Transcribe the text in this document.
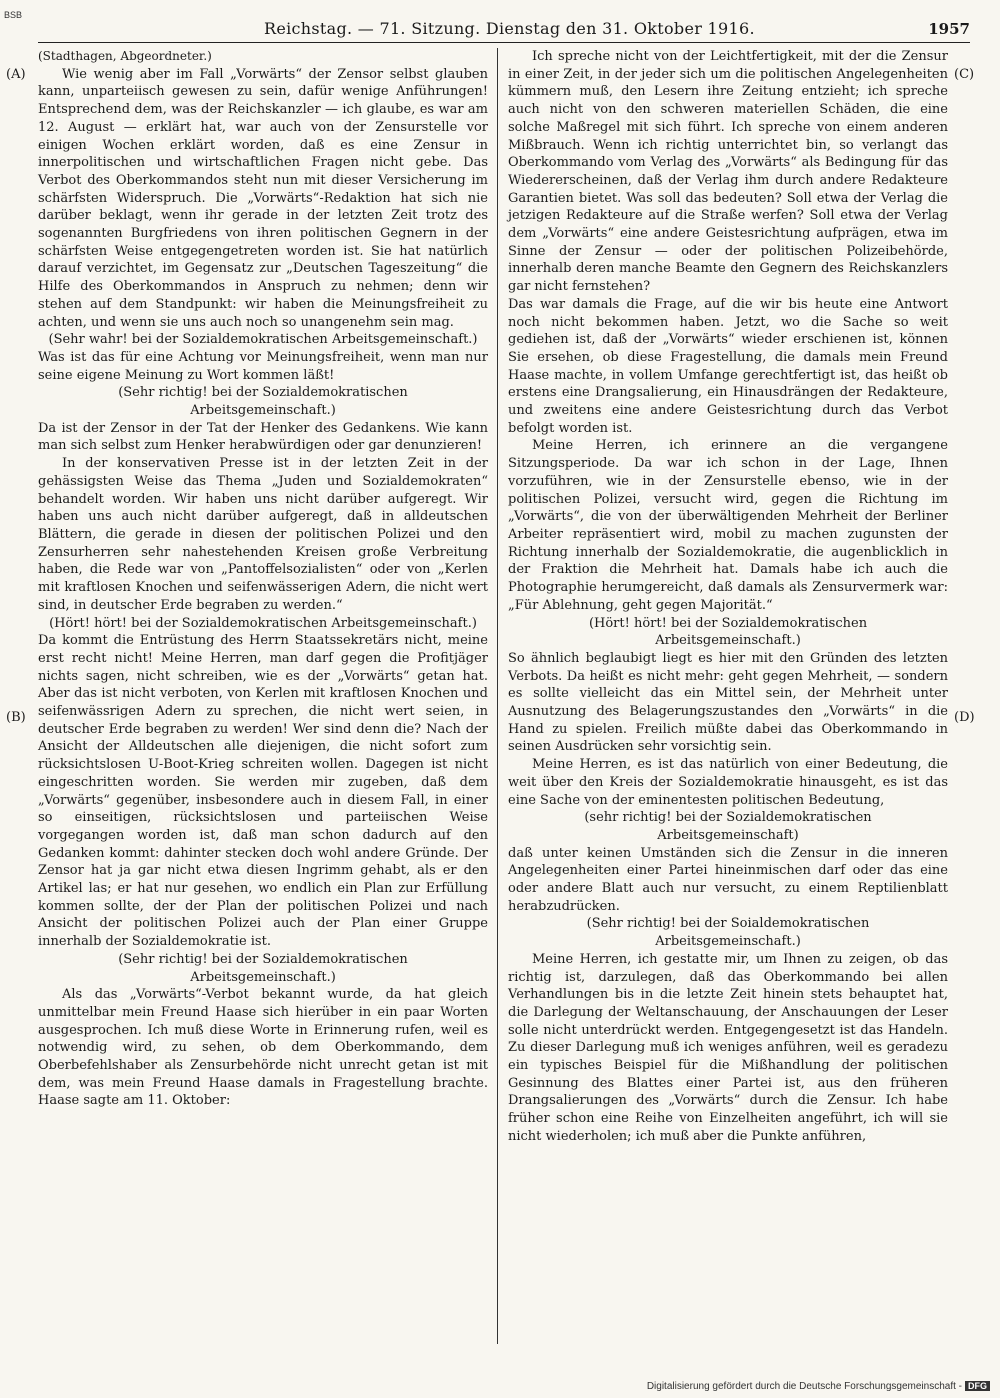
BSB
Reichstag. — 71. Sitzung. Dienstag den 31. Oktober 1916.	1957
(A)
(B)
(C)
(D)

(Stadthagen, Abgeordneter.)

Wie wenig aber im Fall „Vorwärts“ der Zensor selbst glauben kann, unparteiisch gewesen zu sein, dafür wenige Anführungen! Entsprechend dem, was der Reichskanzler — ich glaube, es war am 12. August — erklärt hat, war auch von der Zensurstelle vor einigen Wochen erklärt worden, daß es eine Zensur in innerpolitischen und wirtschaftlichen Fragen nicht gebe. Das Verbot des Oberkommandos steht nun mit dieser Versicherung im schärfsten Widerspruch. Die „Vorwärts“-Redaktion hat sich nie darüber beklagt, wenn ihr gerade in der letzten Zeit trotz des sogenannten Burgfriedens von ihren politischen Gegnern in der schärfsten Weise entgegengetreten worden ist. Sie hat natürlich darauf verzichtet, im Gegensatz zur „Deutschen Tageszeitung“ die Hilfe des Oberkommandos in Anspruch zu nehmen; denn wir stehen auf dem Standpunkt: wir haben die Meinungsfreiheit zu achten, und wenn sie uns auch noch so unangenehm sein mag.

(Sehr wahr! bei der Sozialdemokratischen Arbeitsgemeinschaft.)

Was ist das für eine Achtung vor Meinungsfreiheit, wenn man nur seine eigene Meinung zu Wort kommen läßt!

(Sehr richtig! bei der Sozialdemokratischen Arbeitsgemeinschaft.)

Da ist der Zensor in der Tat der Henker des Gedankens. Wie kann man sich selbst zum Henker herabwürdigen oder gar denunzieren!

In der konservativen Presse ist in der letzten Zeit in der gehässigsten Weise das Thema „Juden und Sozialdemokraten“ behandelt worden. Wir haben uns nicht darüber aufgeregt. Wir haben uns auch nicht darüber aufgeregt, daß in alldeutschen Blättern, die gerade in diesen der politischen Polizei und den Zensurherren sehr nahestehenden Kreisen große Verbreitung haben, die Rede war von „Pantoffelsozialisten“ oder von „Kerlen mit kraftlosen Knochen und seifenwässerigen Adern, die nicht wert sind, in deutscher Erde begraben zu werden.“

(Hört! hört! bei der Sozialdemokratischen Arbeitsgemeinschaft.)

Da kommt die Entrüstung des Herrn Staatssekretärs nicht, meine erst recht nicht! Meine Herren, man darf gegen die Profitjäger nichts sagen, nicht schreiben, wie es der „Vorwärts“ getan hat. Aber das ist nicht verboten, von Kerlen mit kraftlosen Knochen und seifenwässrigen Adern zu sprechen, die nicht wert seien, in deutscher Erde begraben zu werden! Wer sind denn die? Nach der Ansicht der Alldeutschen alle diejenigen, die nicht sofort zum rücksichtslosen U-Boot-Krieg schreiten wollen. Dagegen ist nicht eingeschritten worden. Sie werden mir zugeben, daß dem „Vorwärts“ gegenüber, insbesondere auch in diesem Fall, in einer so einseitigen, rücksichtslosen und parteiischen Weise vorgegangen worden ist, daß man schon dadurch auf den Gedanken kommt: dahinter stecken doch wohl andere Gründe. Der Zensor hat ja gar nicht etwa diesen Ingrimm gehabt, als er den Artikel las; er hat nur gesehen, wo endlich ein Plan zur Erfüllung kommen sollte, der der Plan der politischen Polizei und nach Ansicht der politischen Polizei auch der Plan einer Gruppe innerhalb der Sozialdemokratie ist.

(Sehr richtig! bei der Sozialdemokratischen Arbeitsgemeinschaft.)

Als das „Vorwärts“-Verbot bekannt wurde, da hat gleich unmittelbar mein Freund Haase sich hierüber in ein paar Worten ausgesprochen. Ich muß diese Worte in Erinnerung rufen, weil es notwendig wird, zu sehen, ob dem Oberkommando, dem Oberbefehlshaber als Zensurbehörde nicht unrecht getan ist mit dem, was mein Freund Haase damals in Fragestellung brachte. Haase sagte am 11. Oktober:

Ich spreche nicht von der Leichtfertigkeit, mit der die Zensur in einer Zeit, in der jeder sich um die politischen Angelegenheiten kümmern muß, den Lesern ihre Zeitung entzieht; ich spreche auch nicht von den schweren materiellen Schäden, die eine solche Maßregel mit sich führt. Ich spreche von einem anderen Mißbrauch. Wenn ich richtig unterrichtet bin, so verlangt das Oberkommando vom Verlag des „Vorwärts“ als Bedingung für das Wiedererscheinen, daß der Verlag ihm durch andere Redakteure Garantien bietet. Was soll das bedeuten? Soll etwa der Verlag die jetzigen Redakteure auf die Straße werfen? Soll etwa der Verlag dem „Vorwärts“ eine andere Geistesrichtung aufprägen, etwa im Sinne der Zensur — oder der politischen Polizeibehörde, innerhalb deren manche Beamte den Gegnern des Reichskanzlers gar nicht fernstehen?

Das war damals die Frage, auf die wir bis heute eine Antwort noch nicht bekommen haben. Jetzt, wo die Sache so weit gediehen ist, daß der „Vorwärts“ wieder erschienen ist, können Sie ersehen, ob diese Fragestellung, die damals mein Freund Haase machte, in vollem Umfange gerechtfertigt ist, das heißt ob erstens eine Drangsalierung, ein Hinausdrängen der Redakteure, und zweitens eine andere Geistesrichtung durch das Verbot befolgt worden ist.

Meine Herren, ich erinnere an die vergangene Sitzungsperiode. Da war ich schon in der Lage, Ihnen vorzuführen, wie in der Zensurstelle ebenso, wie in der politischen Polizei, versucht wird, gegen die Richtung im „Vorwärts“, die von der überwältigenden Mehrheit der Berliner Arbeiter repräsentiert wird, mobil zu machen zugunsten der Richtung innerhalb der Sozialdemokratie, die augenblicklich in der Fraktion die Mehrheit hat. Damals habe ich auch die Photographie herumgereicht, daß damals als Zensurvermerk war: „Für Ablehnung, geht gegen Majorität.“

(Hört! hört! bei der Sozialdemokratischen Arbeitsgemeinschaft.)

So ähnlich beglaubigt liegt es hier mit den Gründen des letzten Verbots. Da heißt es nicht mehr: geht gegen Mehrheit, — sondern es sollte vielleicht das ein Mittel sein, der Mehrheit unter Ausnutzung des Belagerungszustandes den „Vorwärts“ in die Hand zu spielen. Freilich müßte dabei das Oberkommando in seinen Ausdrücken sehr vorsichtig sein.

Meine Herren, es ist das natürlich von einer Bedeutung, die weit über den Kreis der Sozialdemokratie hinausgeht, es ist das eine Sache von der eminentesten politischen Bedeutung,

(sehr richtig! bei der Sozialdemokratischen Arbeitsgemeinschaft)

daß unter keinen Umständen sich die Zensur in die inneren Angelegenheiten einer Partei hineinmischen darf oder das eine oder andere Blatt auch nur versucht, zu einem Reptilienblatt herabzudrücken.

(Sehr richtig! bei der Soialdemokratischen Arbeitsgemeinschaft.)

Meine Herren, ich gestatte mir, um Ihnen zu zeigen, ob das richtig ist, darzulegen, daß das Oberkommando bei allen Verhandlungen bis in die letzte Zeit hinein stets behauptet hat, die Darlegung der Weltanschauung, der Anschauungen der Leser solle nicht unterdrückt werden. Entgegengesetzt ist das Handeln. Zu dieser Darlegung muß ich weniges anführen, weil es geradezu ein typisches Beispiel für die Mißhandlung der politischen Gesinnung des Blattes einer Partei ist, aus den früheren Drangsalierungen des „Vorwärts“ durch die Zensur. Ich habe früher schon eine Reihe von Einzelheiten angeführt, ich will sie nicht wiederholen; ich muß aber die Punkte anführen,

Digitalisierung gefördert durch die Deutsche Forschungsgemeinschaft - DFG
